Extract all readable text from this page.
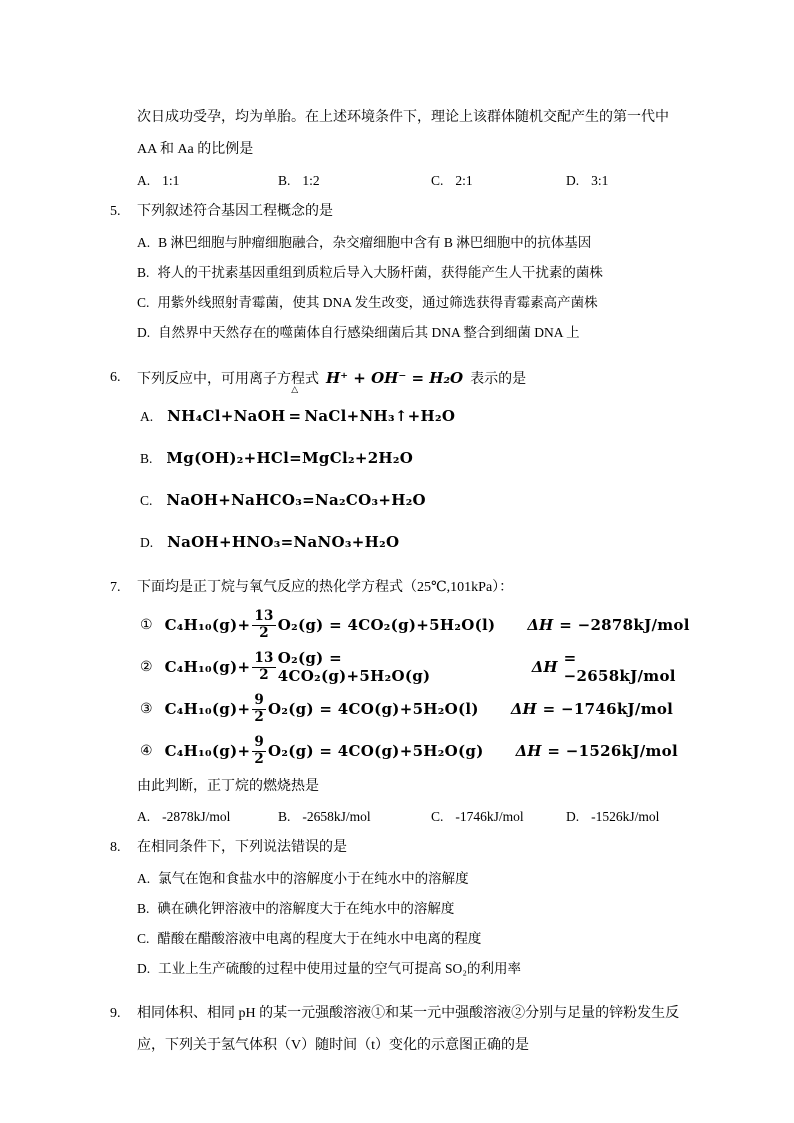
次日成功受孕，均为单胎。在上述环境条件下，理论上该群体随机交配产生的第一代中

AA 和 Aa 的比例是

A. 1:1	B. 1:2	C. 2:1	D. 3:1
5.	下列叙述符合基因工程概念的是
A. B 淋巴细胞与肿瘤细胞融合，杂交瘤细胞中含有 B 淋巴细胞中的抗体基因
B. 将人的干扰素基因重组到质粒后导入大肠杆菌，获得能产生人干扰素的菌株
C. 用紫外线照射青霉菌，使其 DNA 发生改变，通过筛选获得青霉素高产菌株
D. 自然界中天然存在的噬菌体自行感染细菌后其 DNA 整合到细菌 DNA 上
6.	下列反应中，可用离子方程式 H⁺ + OH⁻ = H₂O 表示的是
A. NH₄Cl+NaOH
△
= NaCl+NH₃↑+H₂O
B. Mg(OH)₂+HCl=MgCl₂+2H₂O
C. NaOH+NaHCO₃=Na₂CO₃+H₂O
D. NaOH+HNO₃=NaNO₃+H₂O
7.	下面均是正丁烷与氧气反应的热化学方程式（25℃,101kPa）：
① $C_4H_{10}(g)+ \frac{13}{2} O_2(g) = 4CO_2(g)+5H_2O(l) \Delta H = -2878kJ/mol$
② $C_4H_{10}(g)+ \frac{13}{2} O_2(g) = 4CO_2(g)+5H_2O(g)$	ΔH = −2658kJ/mol
③ $C_4H_{10}(g)+ \frac{9}{2} O_2(g) = 4CO(g)+5H_2O(l) \Delta H = -1746kJ/mol$
④ $C_4H_{10}(g)+ \frac{9}{2} O_2(g) = 4CO(g)+5H_2O(g) \Delta H = -1526kJ/mol$

由此判断，正丁烷的燃烧热是

A. -2878kJ/mol	B. -2658kJ/mol	C. -1746kJ/mol	D. -1526kJ/mol
8.	在相同条件下，下列说法错误的是
A. 氯气在饱和食盐水中的溶解度小于在纯水中的溶解度
B. 碘在碘化钾溶液中的溶解度大于在纯水中的溶解度
C. 醋酸在醋酸溶液中电离的程度大于在纯水中电离的程度
D. 工业上生产硫酸的过程中使用过量的空气可提高 SO₂的利用率
9.	相同体积、相同 pH 的某一元强酸溶液①和某一元中强酸溶液②分别与足量的锌粉发生反应，下列关于氢气体积（V）随时间（t）变化的示意图正确的是
